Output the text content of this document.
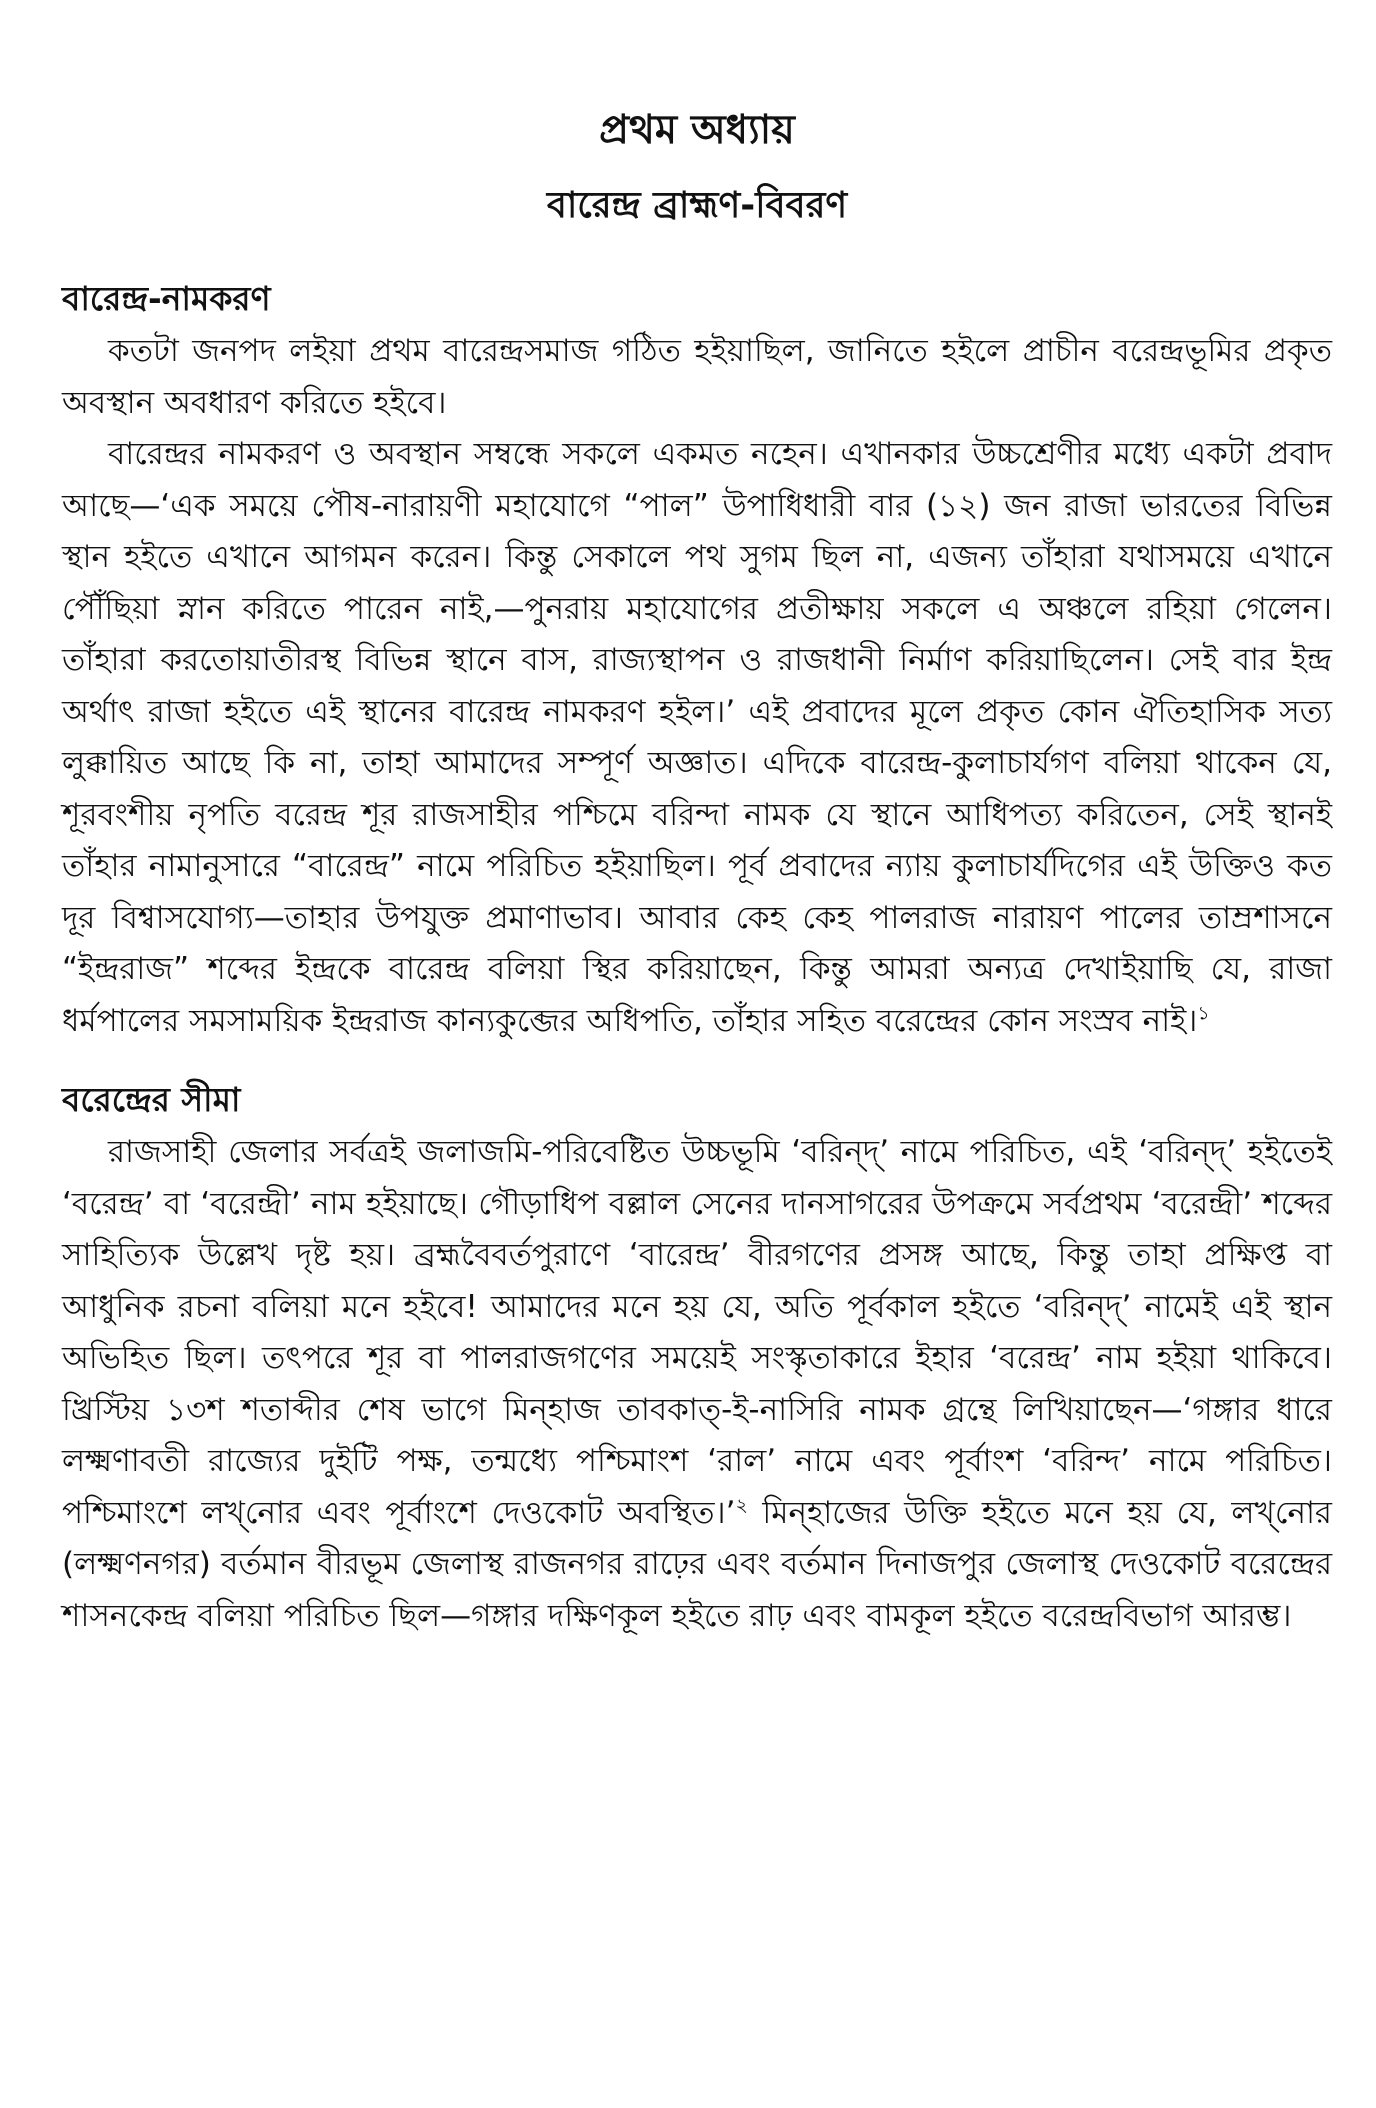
প্রথম অধ্যায়
বারেন্দ্র ব্রাহ্মণ-বিবরণ
বারেন্দ্র-নামকরণ

কতটা জনপদ লইয়া প্রথম বারেন্দ্রসমাজ গঠিত হইয়াছিল, জানিতে হইলে প্রাচীন বরেন্দ্রভূমির প্রকৃত অবস্থান অবধারণ করিতে হইবে।

বারেন্দ্রর নামকরণ ও অবস্থান সম্বন্ধে সকলে একমত নহেন। এখানকার উচ্চশ্রেণীর মধ্যে একটা প্রবাদ আছে—‘এক সময়ে পৌষ-নারায়ণী মহাযোগে “পাল” উপাধিধারী বার (১২) জন রাজা ভারতের বিভিন্ন স্থান হইতে এখানে আগমন করেন। কিন্তু সেকালে পথ সুগম ছিল না, এজন্য তাঁহারা যথাসময়ে এখানে পৌঁছিয়া স্নান করিতে পারেন নাই,—পুনরায় মহাযোগের প্রতীক্ষায় সকলে এ অঞ্চলে রহিয়া গেলেন। তাঁহারা করতোয়াতীরস্থ বিভিন্ন স্থানে বাস, রাজ্যস্থাপন ও রাজধানী নির্মাণ করিয়াছিলেন। সেই বার ইন্দ্র অর্থাৎ রাজা হইতে এই স্থানের বারেন্দ্র নামকরণ হইল।’ এই প্রবাদের মূলে প্রকৃত কোন ঐতিহাসিক সত্য লুক্কায়িত আছে কি না, তাহা আমাদের সম্পূর্ণ অজ্ঞাত। এদিকে বারেন্দ্র-কুলাচার্যগণ বলিয়া থাকেন যে, শূরবংশীয় নৃপতি বরেন্দ্র শূর রাজসাহীর পশ্চিমে বরিন্দা নামক যে স্থানে আধিপত্য করিতেন, সেই স্থানই তাঁহার নামানুসারে “বারেন্দ্র” নামে পরিচিত হইয়াছিল। পূর্ব প্রবাদের ন্যায় কুলাচার্যদিগের এই উক্তিও কত দূর বিশ্বাসযোগ্য—তাহার উপযুক্ত প্রমাণাভাব। আবার কেহ কেহ পালরাজ নারায়ণ পালের তাম্রশাসনে “ইন্দ্ররাজ” শব্দের ইন্দ্রকে বারেন্দ্র বলিয়া স্থির করিয়াছেন, কিন্তু আমরা অন্যত্র দেখাইয়াছি যে, রাজা ধর্মপালের সমসাময়িক ইন্দ্ররাজ কান্যকুব্জের অধিপতি, তাঁহার সহিত বরেন্দ্রের কোন সংস্রব নাই।$^১$

বরেন্দ্রের সীমা

রাজসাহী জেলার সর্বত্রই জলাজমি-পরিবেষ্টিত উচ্চভূমি ‘বরিন্দ্’ নামে পরিচিত, এই ‘বরিন্দ্’ হইতেই ‘বরেন্দ্র’ বা ‘বরেন্দ্রী’ নাম হইয়াছে। গৌড়াধিপ বল্লাল সেনের দানসাগরের উপক্রমে সর্বপ্রথম ‘বরেন্দ্রী’ শব্দের সাহিত্যিক উল্লেখ দৃষ্ট হয়। ব্রহ্মবৈবর্তপুরাণে ‘বারেন্দ্র’ বীরগণের প্রসঙ্গ আছে, কিন্তু তাহা প্রক্ষিপ্ত বা আধুনিক রচনা বলিয়া মনে হইবে! আমাদের মনে হয় যে, অতি পূর্বকাল হইতে ‘বরিন্দ্’ নামেই এই স্থান অভিহিত ছিল। তৎপরে শূর বা পালরাজগণের সময়েই সংস্কৃতাকারে ইহার ‘বরেন্দ্র’ নাম হইয়া থাকিবে। খ্রিস্টিয় ১৩শ শতাব্দীর শেষ ভাগে মিন্‌হাজ তাবকাত্-ই-নাসিরি নামক গ্রন্থে লিখিয়াছেন—‘গঙ্গার ধারে লক্ষ্মণাবতী রাজ্যের দুইটি পক্ষ, তন্মধ্যে পশ্চিমাংশ ‘রাল’ নামে এবং পূর্বাংশ ‘বরিন্দ’ নামে পরিচিত। পশ্চিমাংশে লখ্‌নোর এবং পূর্বাংশে দেওকোট অবস্থিত।’$^২$ মিন্‌হাজের উক্তি হইতে মনে হয় যে, লখ্‌নোর (লক্ষ্মণনগর) বর্তমান বীরভূম জেলাস্থ রাজনগর রাঢ়ের এবং বর্তমান দিনাজপুর জেলাস্থ দেওকোট বরেন্দ্রের শাসনকেন্দ্র বলিয়া পরিচিত ছিল—গঙ্গার দক্ষিণকূল হইতে রাঢ় এবং বামকূল হইতে বরেন্দ্রবিভাগ আরম্ভ।
